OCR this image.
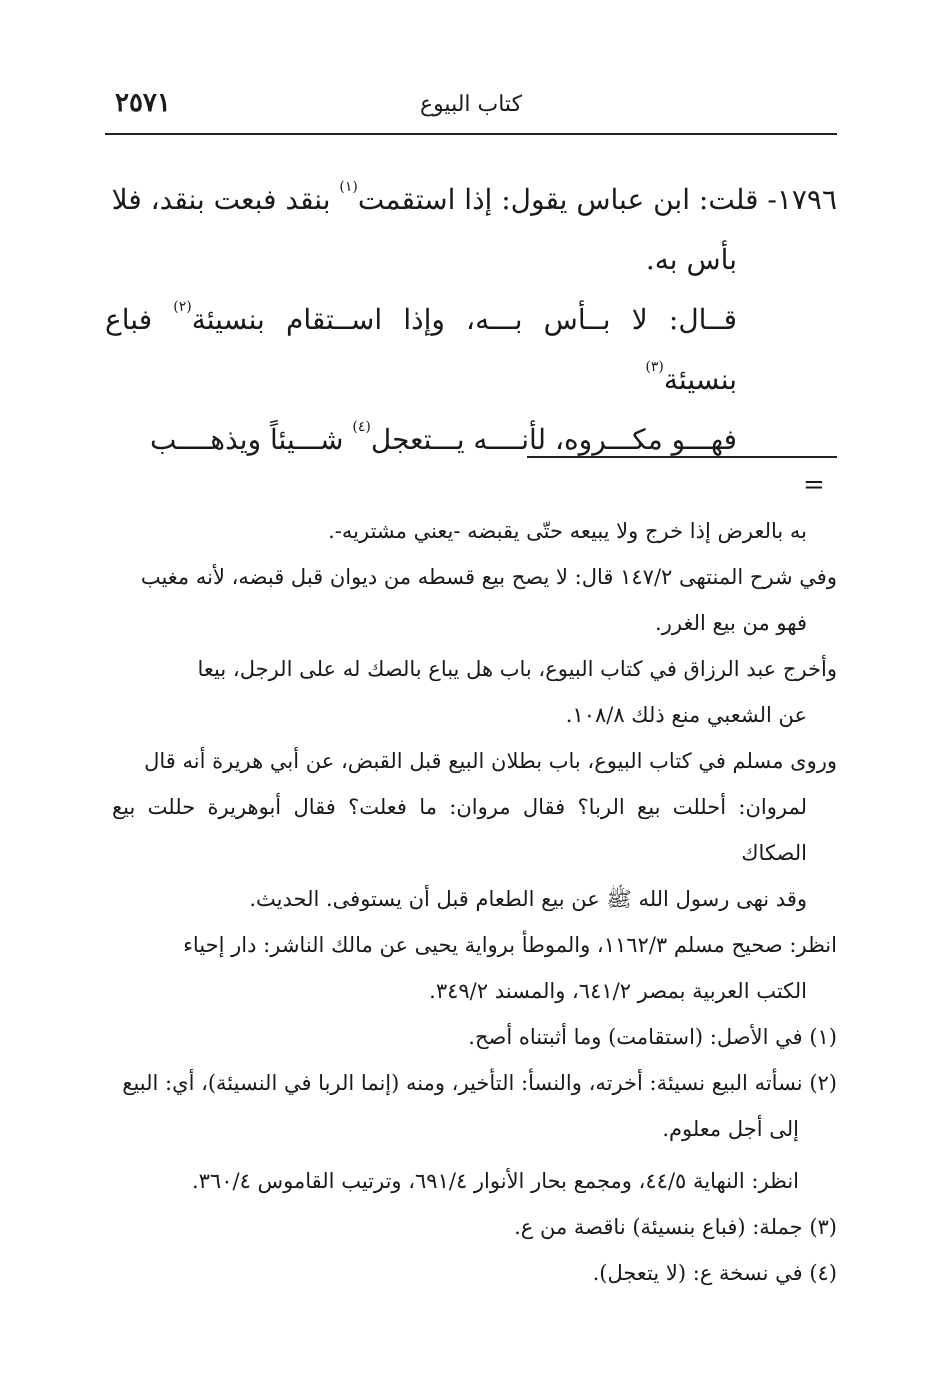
كتاب البيوع
٢٥٧١

١٧٩٦- قلت: ابن عباس يقول: إذا استقمت$^{(١)}$ بنقد فبعت بنقد، فلا

بأس به.

قــال: لا بــأس بـــه، وإذا اســتقام بنسيئة$^{(٢)}$ فباع بنسيئة$^{(٣)}$

فهـــو مكـــروه، لأنــــه يـــتعجل$^{(٤)}$ شـــيئاً ويذهــــب

=

به بالعرض إذا خرج ولا يبيعه حتّى يقبضه -يعني مشتريه-.

وفي شرح المنتهى ١٤٧/٢ قال: لا يصح بيع قسطه من ديوان قبل قبضه، لأنه مغيب

فهو من بيع الغرر.

وأخرج عبد الرزاق في كتاب البيوع، باب هل يباع بالصك له على الرجل، بيعا

عن الشعبي منع ذلك ١٠٨/٨.

وروى مسلم في كتاب البيوع، باب بطلان البيع قبل القبض، عن أبي هريرة أنه قال

لمروان: أحللت بيع الربا؟ فقال مروان: ما فعلت؟ فقال أبوهريرة حللت بيع الصكاك

وقد نهى رسول الله ﷺ عن بيع الطعام قبل أن يستوفى. الحديث.

انظر: صحيح مسلم ١١٦٢/٣، والموطأ برواية يحيى عن مالك الناشر: دار إحياء

الكتب العربية بمصر ٦٤١/٢، والمسند ٣٤٩/٢.

(١) في الأصل: (استقامت) وما أثبتناه أصح.

(٢) نسأته البيع نسيئة: أخرته، والنسأ: التأخير، ومنه (إنما الربا في النسيئة)، أي: البيع

إلى أجل معلوم.

انظر: النهاية ٤٤/٥، ومجمع بحار الأنوار ٦٩١/٤، وترتيب القاموس ٣٦٠/٤.

(٣) جملة: (فباع بنسيئة) ناقصة من ع.

(٤) في نسخة ع: (لا يتعجل).
